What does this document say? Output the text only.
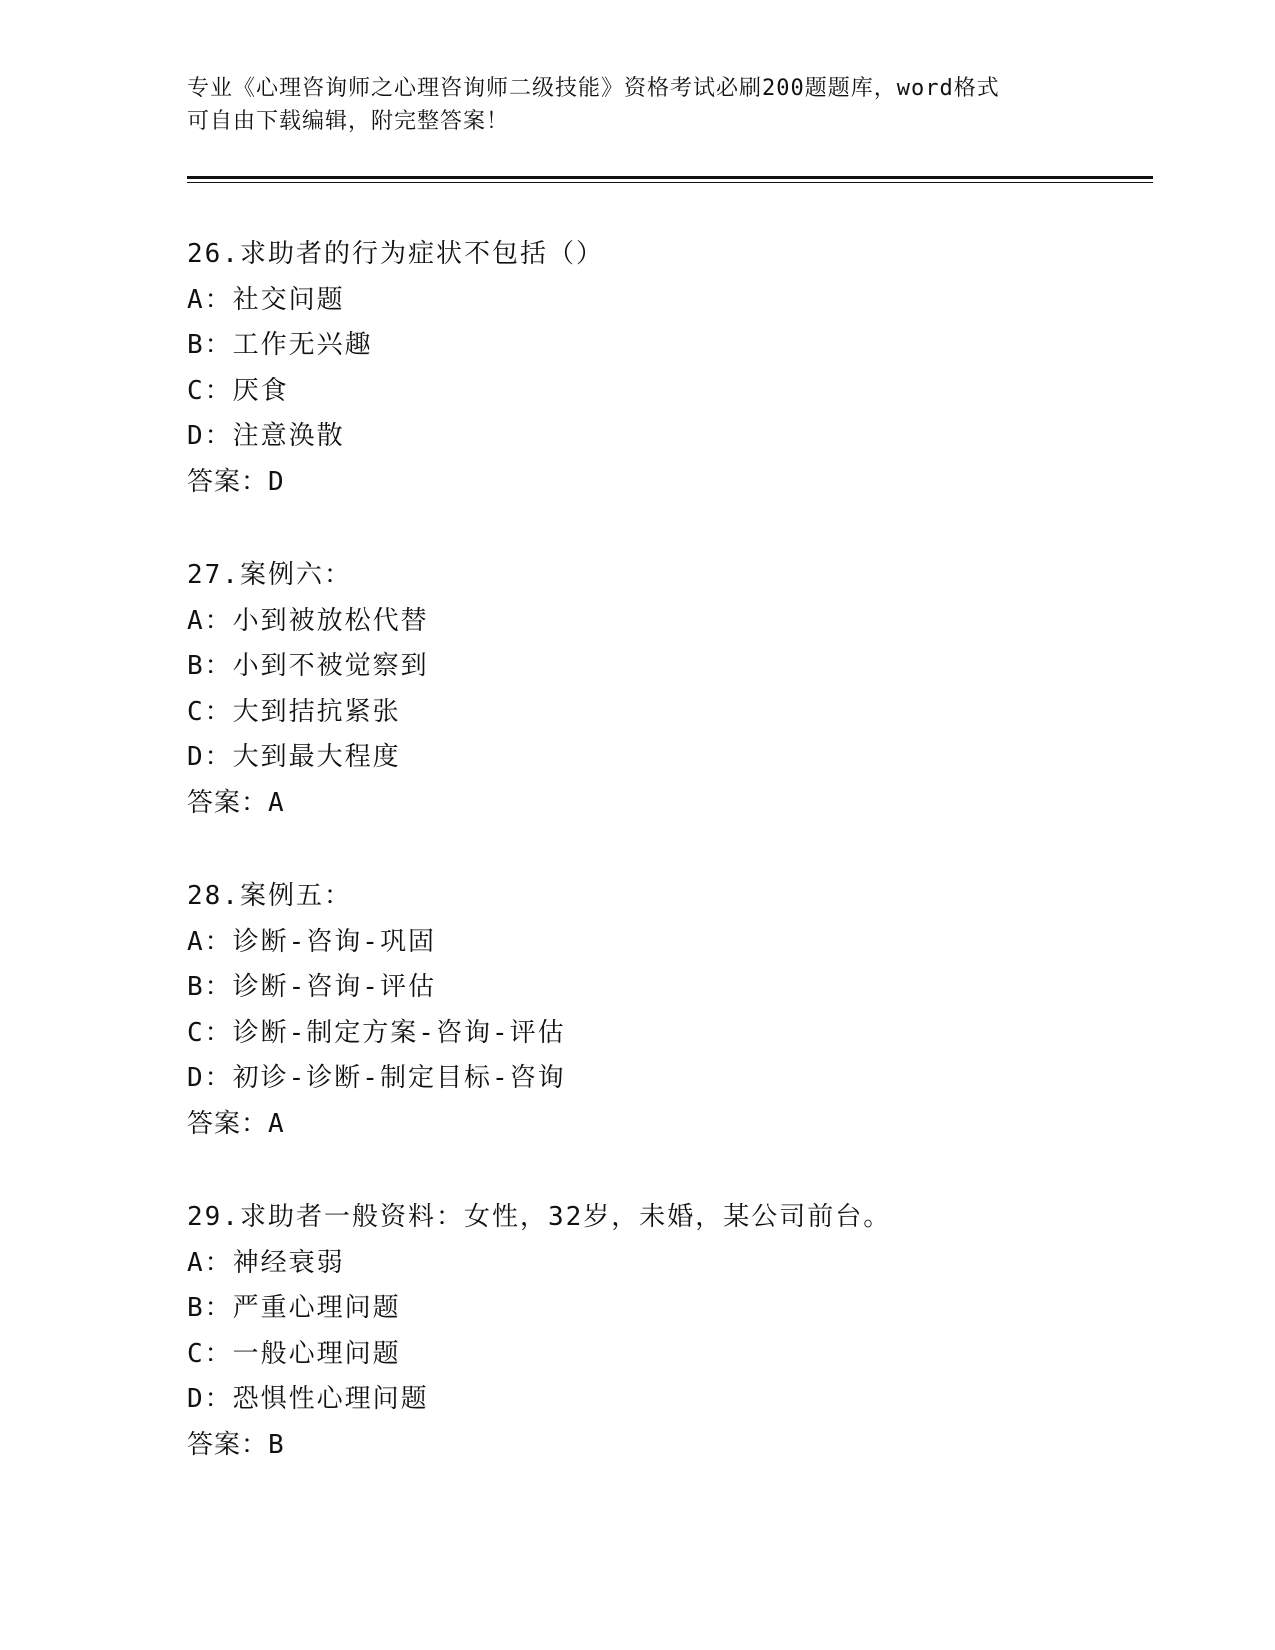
专业《心理咨询师之心理咨询师二级技能》资格考试必刷200题题库，word格式
可自由下载编辑，附完整答案！
26.求助者的行为症状不包括（）
A：社交问题
B：工作无兴趣
C：厌食
D：注意涣散
答案：D
27.案例六：
A：小到被放松代替
B：小到不被觉察到
C：大到拮抗紧张
D：大到最大程度
答案：A
28.案例五：
A：诊断-咨询-巩固
B：诊断-咨询-评估
C：诊断-制定方案-咨询-评估
D：初诊-诊断-制定目标-咨询
答案：A
29.求助者一般资料：女性，32岁，未婚，某公司前台。
A：神经衰弱
B：严重心理问题
C：一般心理问题
D：恐惧性心理问题
答案：B
